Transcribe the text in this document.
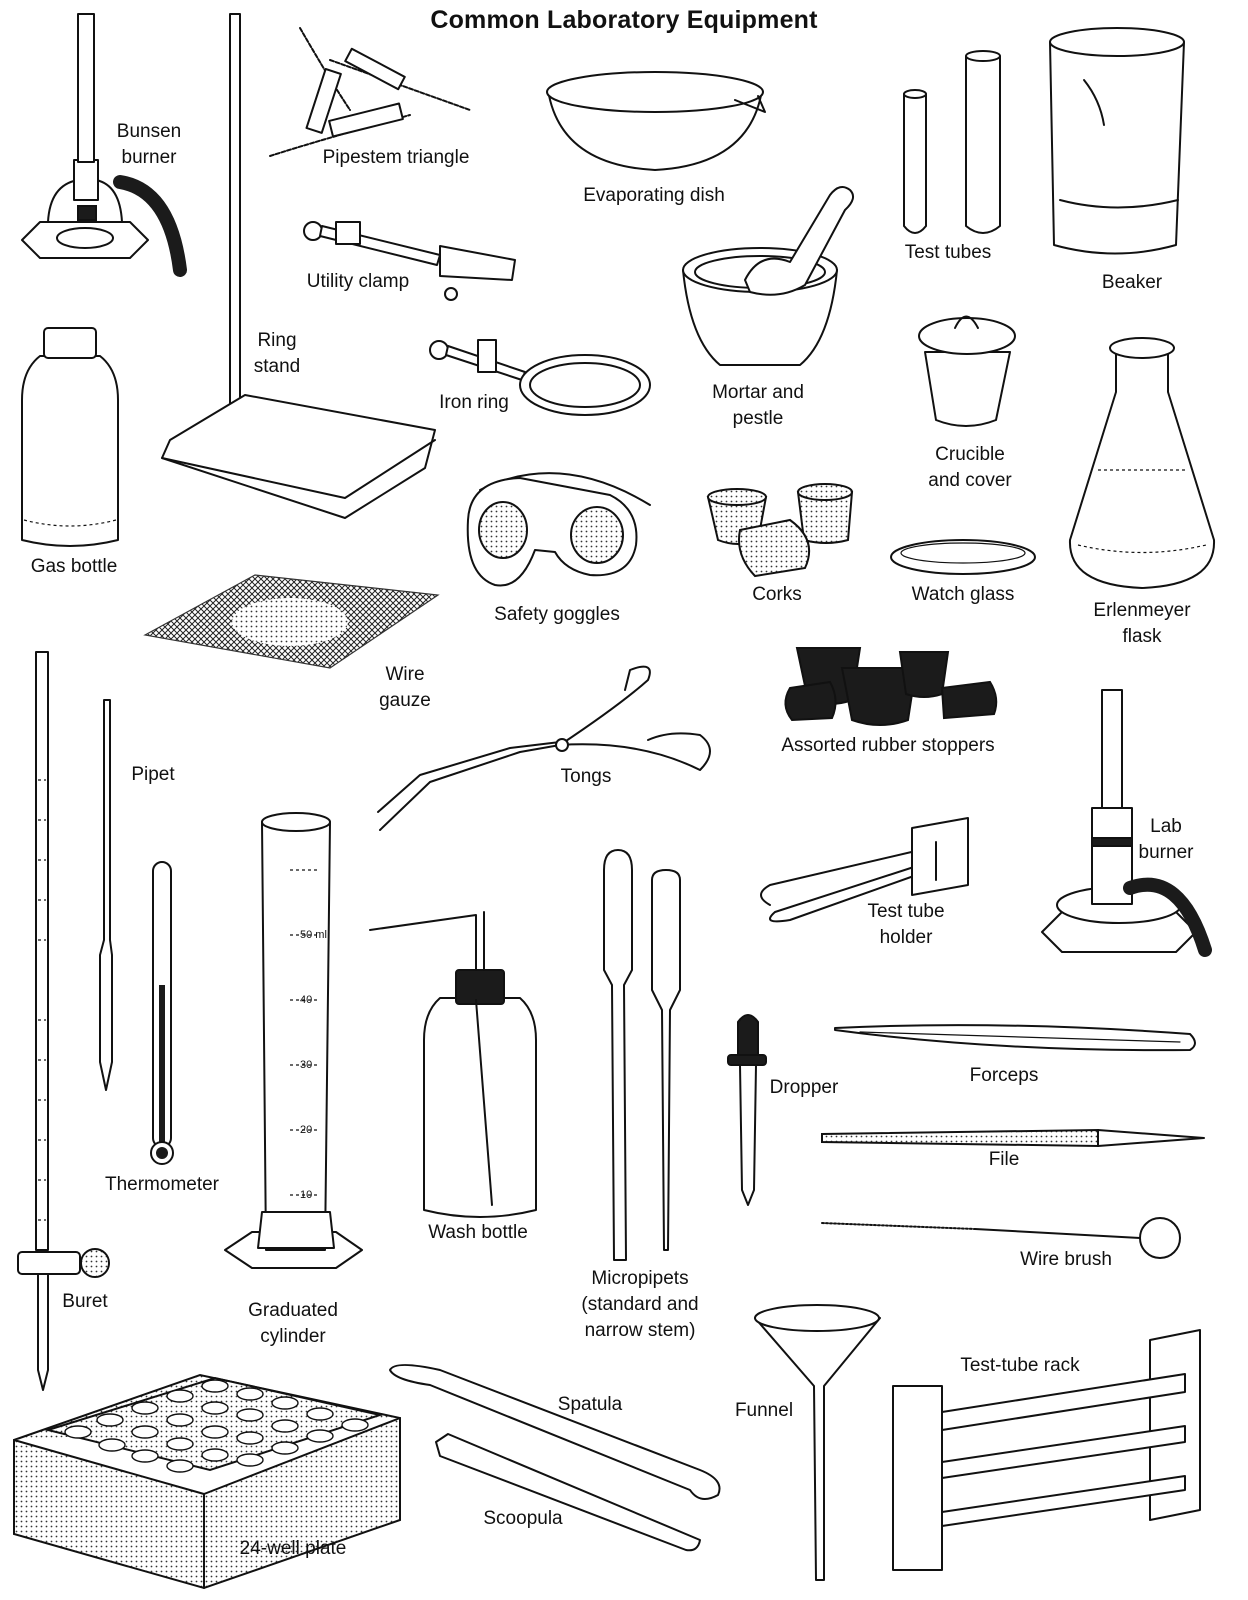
Common Laboratory Equipment
50 ml
40
30
20
10
Bunsen
burner	Pipestem triangle
Evaporating dish
Test tubes
Beaker
Utility clamp
Ring
stand
Iron ring	Mortar and
pestle
Crucible
and cover
Erlenmeyer
flask
Gas bottle
Safety goggles
Corks	Watch glass
Wire
gauze
Assorted rubber stoppers
Pipet	Tongs
Lab
burner
Test tube
holder
Thermometer
Wash bottle
Dropper
Forceps
File
Wire brush
Buret	Graduated
cylinder
Micropipets
(standard and
narrow stem)
Spatula	Funnel
Test-tube rack
Scoopula
24-well plate
